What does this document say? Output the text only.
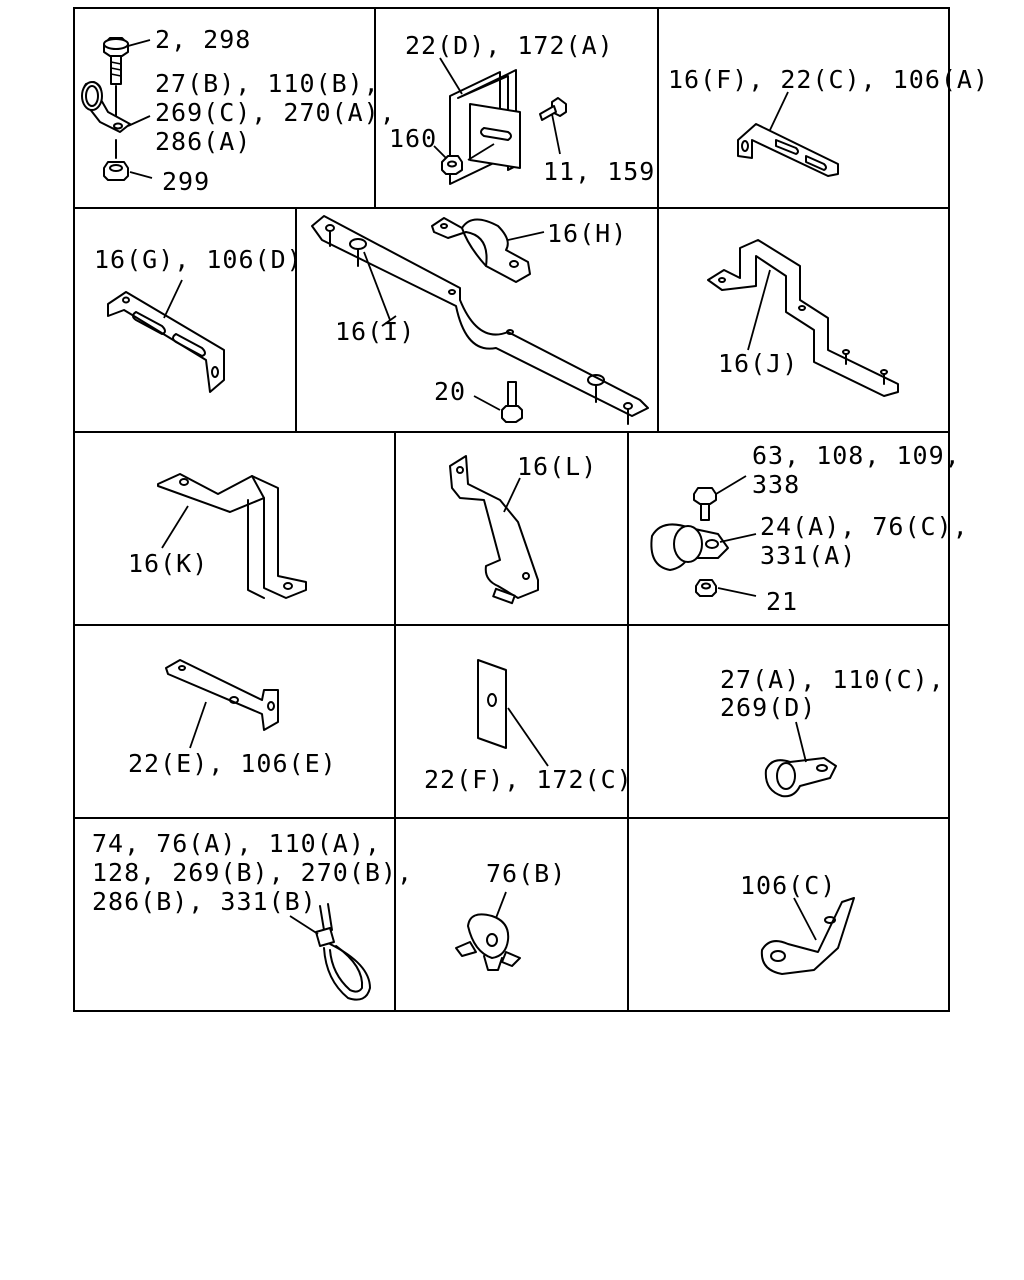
2, 298
27(B), 110(B),
269(C), 270(A),
286(A)
299
22(D), 172(A)
160
11, 159
16(F), 22(C), 106(A)
16(G), 106(D)
16(H)
16(I)
20
16(J)
16(K)
16(L)	63, 108, 109,
338
24(A), 76(C),
331(A)
21
22(E), 106(E)
22(F), 172(C)
27(A), 110(C),
269(D)
74, 76(A), 110(A),
128, 269(B), 270(B),
286(B), 331(B)
76(B)	106(C)
